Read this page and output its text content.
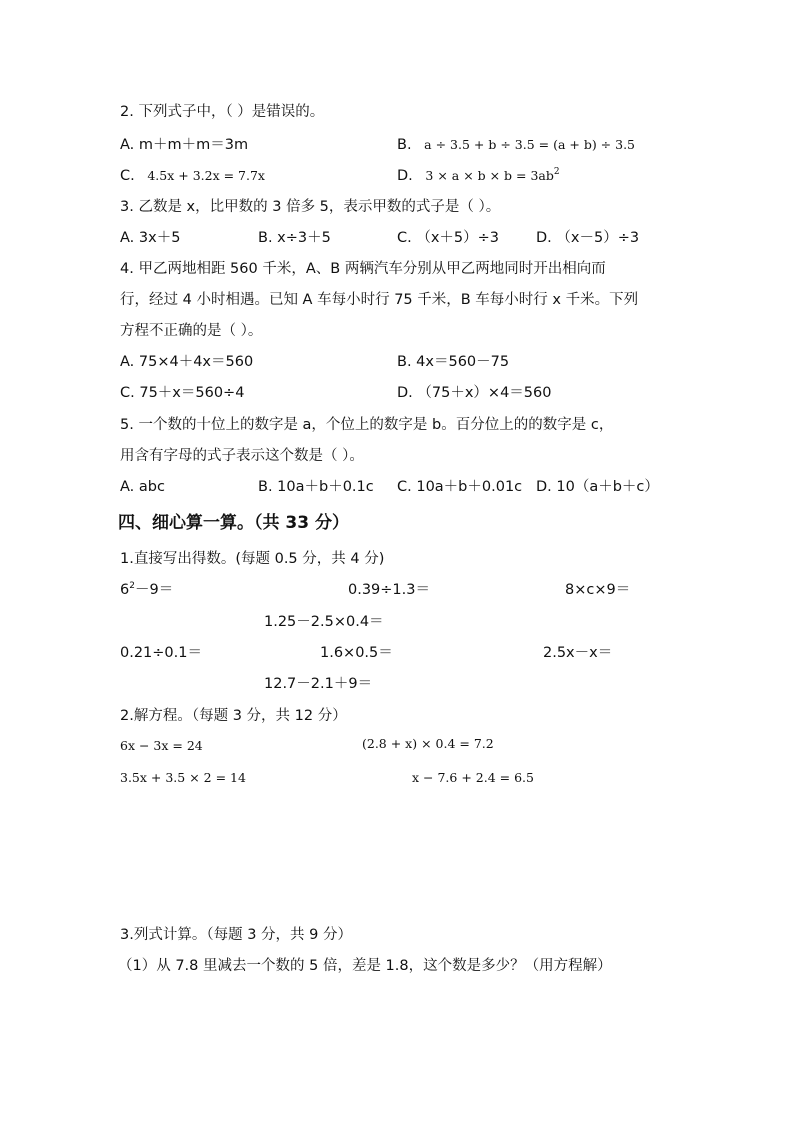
2. 下列式子中，（ ）是错误的。
A. m＋m＋m＝3m	B. a ÷ 3.5 + b ÷ 3.5 = (a + b) ÷ 3.5
C. 4.5x + 3.2x = 7.7x	D. $3 \times a \times b \times b = 3ab^2$
3. 乙数是 x，比甲数的 3 倍多 5，表示甲数的式子是（ ）。
A. 3x＋5	B. x÷3＋5	C. （x＋5）÷3	D. （x－5）÷3
4. 甲乙两地相距 560 千米，A、B 两辆汽车分别从甲乙两地同时开出相向而
行，经过 4 小时相遇。已知 A 车每小时行 75 千米，B 车每小时行 x 千米。下列
方程不正确的是（ ）。
A. 75×4＋4x＝560	B. 4x＝560－75
C. 75＋x＝560÷4	D. （75＋x）×4＝560
5. 一个数的十位上的数字是 a，个位上的数字是 b。百分位上的的数字是 c，
用含有字母的式子表示这个数是（ ）。
A. abc	B. 10a＋b＋0.1c C. 10a＋b＋0.01c D. 10（a＋b＋c）
四、细心算一算。（共 33 分）
1.直接写出得数。(每题 0.5 分，共 4 分)
$6^2-9=$	0.39÷1.3＝	8×c×9＝
1.25－2.5×0.4＝
0.21÷0.1＝	1.6×0.5＝	2.5x－x＝
12.7－2.1＋9＝
2.解方程。（每题 3 分，共 12 分）
6x − 3x = 24	(2.8 + x) × 0.4 = 7.2
3.5x + 3.5 × 2 = 14	x − 7.6 + 2.4 = 6.5
3.列式计算。（每题 3 分，共 9 分）
（1）从 7.8 里减去一个数的 5 倍，差是 1.8，这个数是多少？（用方程解）
